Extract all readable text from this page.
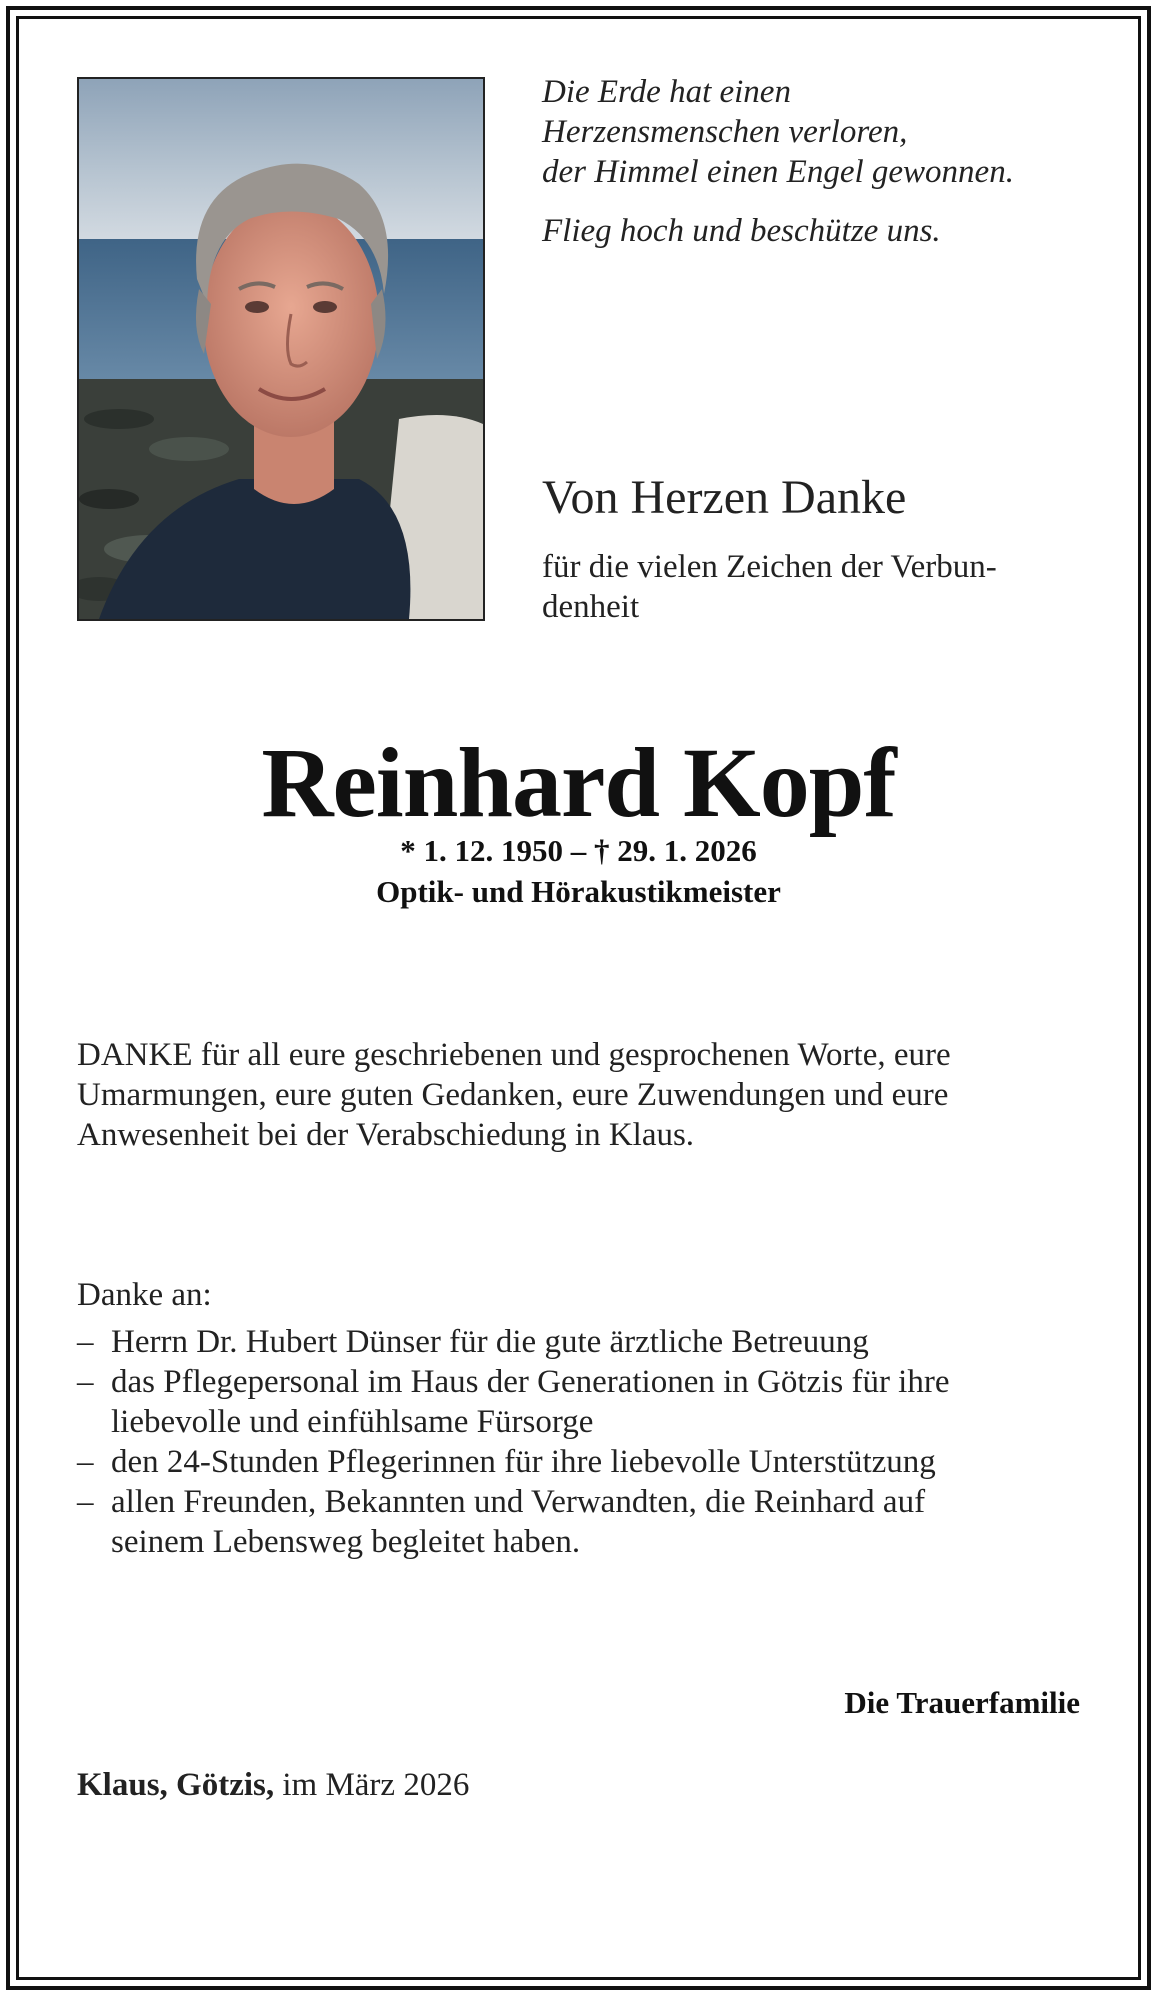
Die Erde hat einen
Herzensmenschen verloren,
der Himmel einen Engel gewonnen.

Flieg hoch und beschütze uns.

Von Herzen Danke
für die vielen Zeichen der Verbun-
denheit
Reinhard Kopf
* 1. 12. 1950 – † 29. 1. 2026
Optik- und Hörakustikmeister
DANKE für all eure geschriebenen und gesprochenen Worte, eure
Umarmungen, eure guten Gedanken, eure Zuwendungen und eure
Anwesenheit bei der Verabschiedung in Klaus.
Danke an:
– Herrn Dr. Hubert Dünser für die gute ärztliche Betreuung
– das Pflegepersonal im Haus der Generationen in Götzis für ihre
liebevolle und einfühlsame Fürsorge
– den 24-Stunden Pflegerinnen für ihre liebevolle Unterstützung
– allen Freunden, Bekannten und Verwandten, die Reinhard auf
seinem Lebensweg begleitet haben.
Die Trauerfamilie
Klaus, Götzis, im März 2026
